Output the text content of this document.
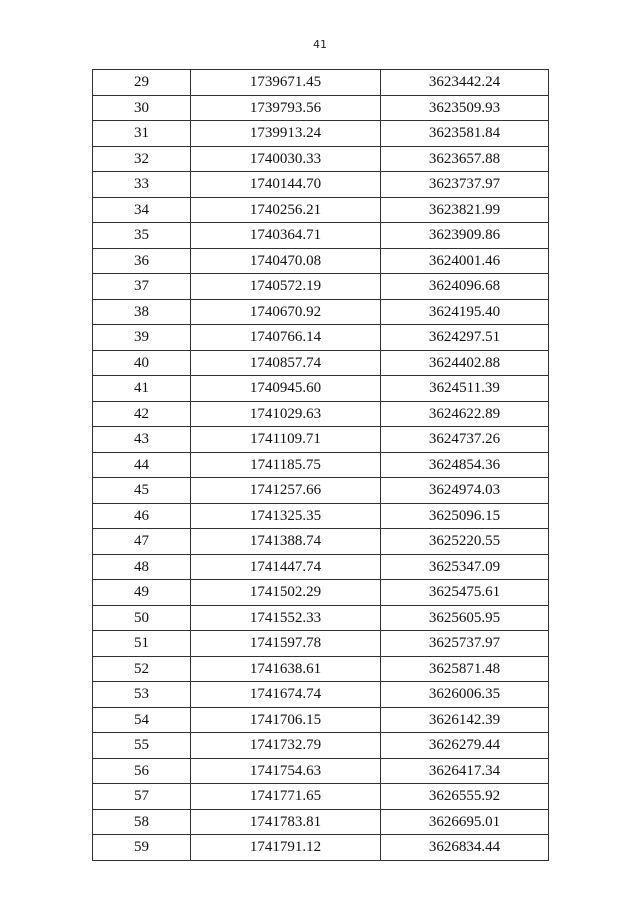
41
29	1739671.45	3623442.24
30	1739793.56	3623509.93
31	1739913.24	3623581.84
32	1740030.33	3623657.88
33	1740144.70	3623737.97
34	1740256.21	3623821.99
35	1740364.71	3623909.86
36	1740470.08	3624001.46
37	1740572.19	3624096.68
38	1740670.92	3624195.40
39	1740766.14	3624297.51
40	1740857.74	3624402.88
41	1740945.60	3624511.39
42	1741029.63	3624622.89
43	1741109.71	3624737.26
44	1741185.75	3624854.36
45	1741257.66	3624974.03
46	1741325.35	3625096.15
47	1741388.74	3625220.55
48	1741447.74	3625347.09
49	1741502.29	3625475.61
50	1741552.33	3625605.95
51	1741597.78	3625737.97
52	1741638.61	3625871.48
53	1741674.74	3626006.35
54	1741706.15	3626142.39
55	1741732.79	3626279.44
56	1741754.63	3626417.34
57	1741771.65	3626555.92
58	1741783.81	3626695.01
59	1741791.12	3626834.44
